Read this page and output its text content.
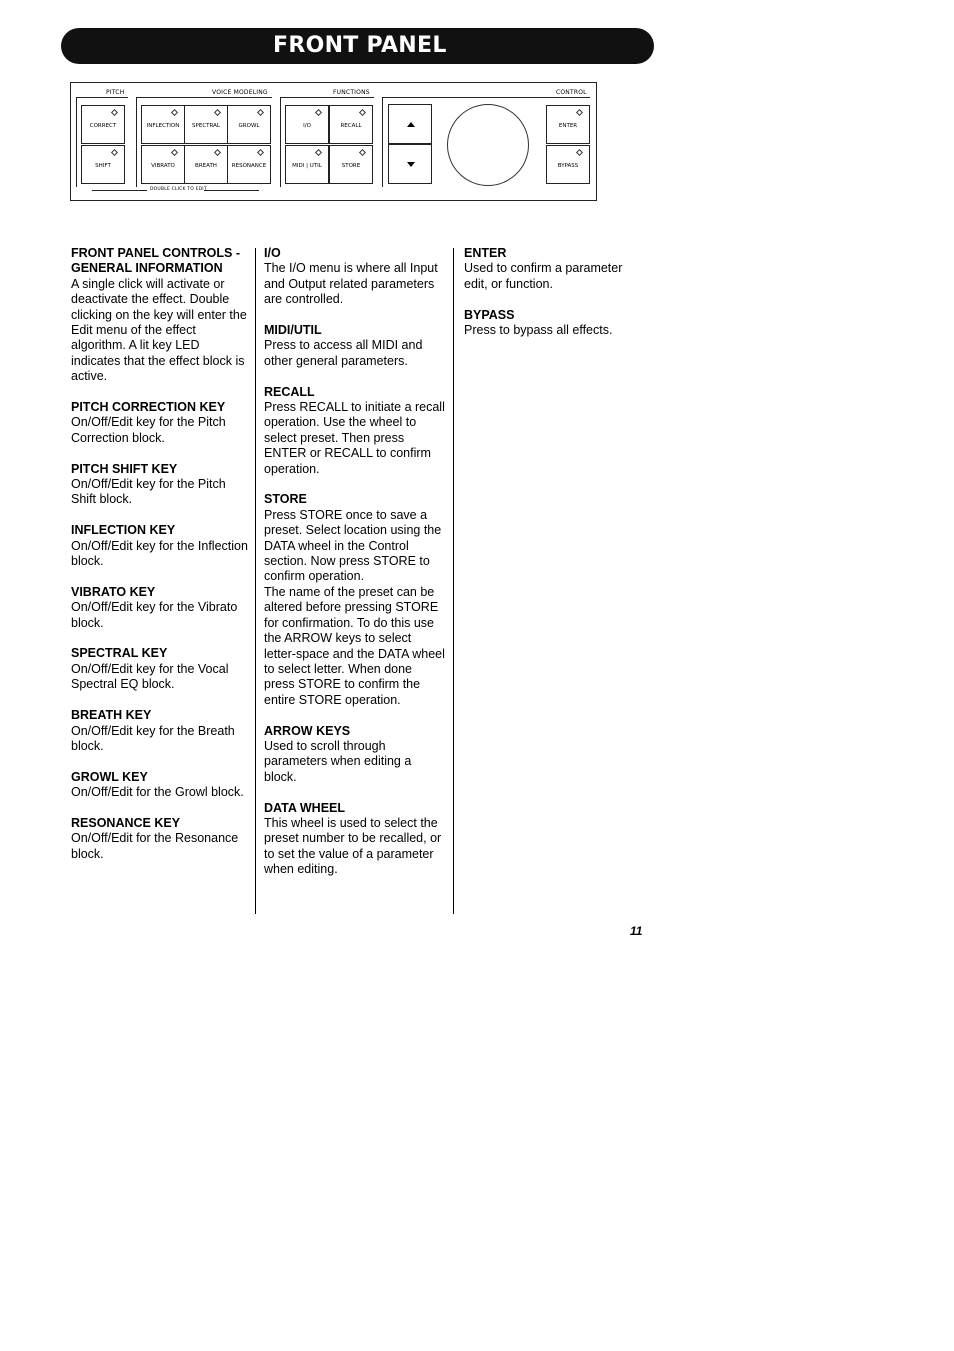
FRONT PANEL
PITCH	VOICE MODELING	FUNCTIONS	CONTROL
CORRECT
SHIFT
INFLECTION	SPECTRAL	GROWL
VIBRATO	BREATH	RESONANCE
I/O	RECALL
MIDI | UTIL	STORE
ENTER
BYPASS
DOUBLE CLICK TO EDIT
FRONT PANEL CONTROLS - GENERAL INFORMATION

A single click will activate or deactivate the effect. Double clicking on the key will enter the Edit menu of the effect algorithm. A lit key LED indicates that the effect block is active.

PITCH CORRECTION KEY

On/Off/Edit key for the Pitch Correction block.

PITCH SHIFT KEY

On/Off/Edit key for the Pitch Shift block.

INFLECTION KEY

On/Off/Edit key for the Inflection block.

VIBRATO KEY

On/Off/Edit key for the Vibrato block.

SPECTRAL KEY

On/Off/Edit key for the Vocal Spectral EQ block.

BREATH KEY

On/Off/Edit key for the Breath block.

GROWL KEY

On/Off/Edit for the Growl block.

RESONANCE KEY

On/Off/Edit for the Resonance block.

I/O

The I/O menu is where all Input and Output related parameters are controlled.

MIDI/UTIL

Press to access all MIDI and other general parameters.

RECALL

Press RECALL to initiate a recall operation. Use the wheel to select preset. Then press ENTER or RECALL to confirm operation.

STORE

Press STORE once to save a preset. Select location using the DATA wheel in the Control section. Now press STORE to confirm operation.

The name of the preset can be altered before pressing STORE for confirmation. To do this use the ARROW keys to select letter-space and the DATA wheel to select letter. When done press STORE to confirm the entire STORE operation.

ARROW KEYS

Used to scroll through parameters when editing a block.

DATA WHEEL

This wheel is used to select the preset number to be recalled, or to set the value of a parameter when editing.

ENTER

Used to confirm a parameter edit, or function.

BYPASS

Press to bypass all effects.

11
